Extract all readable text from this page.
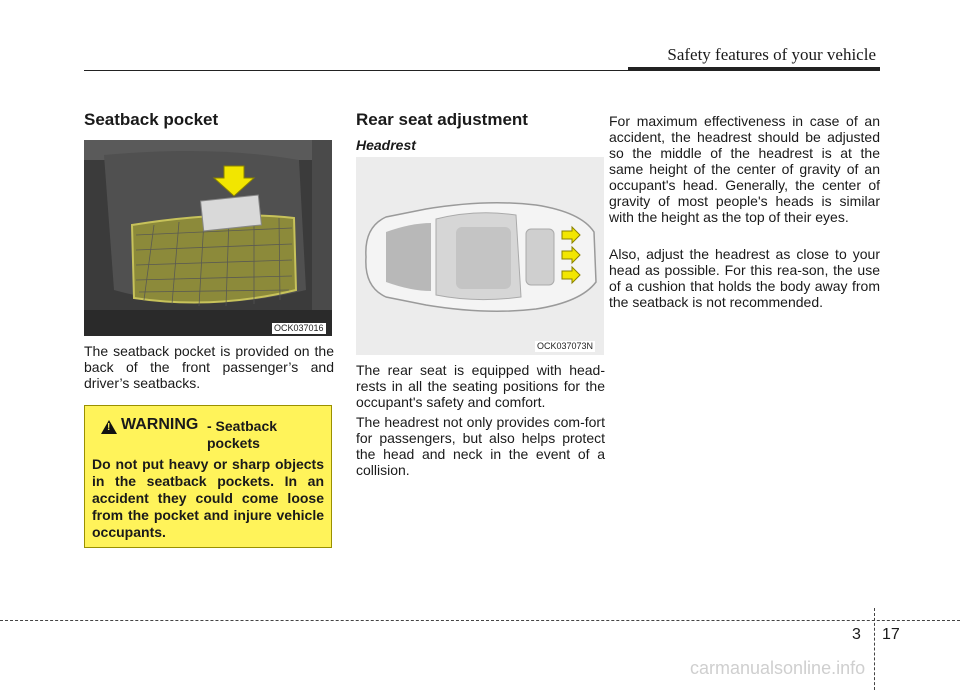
Safety features of your vehicle
Seatback pocket
OCK037016

The seatback pocket is provided on the back of the front passenger’s and driver’s seatbacks.

!
WARNING - Seatback pockets
Do not put heavy or sharp objects in the seatback pockets. In an accident they could come loose from the pocket and injure vehicle occupants.
Rear seat adjustment
Headrest
OCK037073N

The rear seat is equipped with head-rests in all the seating positions for the occupant's safety and comfort.

The headrest not only provides com-fort for passengers, but also helps protect the head and neck in the event of a collision.

For maximum effectiveness in case of an accident, the headrest should be adjusted so the middle of the headrest is at the same height of the center of gravity of an occupant's head. Generally, the center of gravity of most people's heads is similar with the height as the top of their eyes.

Also, adjust the headrest as close to your head as possible. For this rea-son, the use of a cushion that holds the body away from the seatback is not recommended.

3 17
carmanualsonline.info
